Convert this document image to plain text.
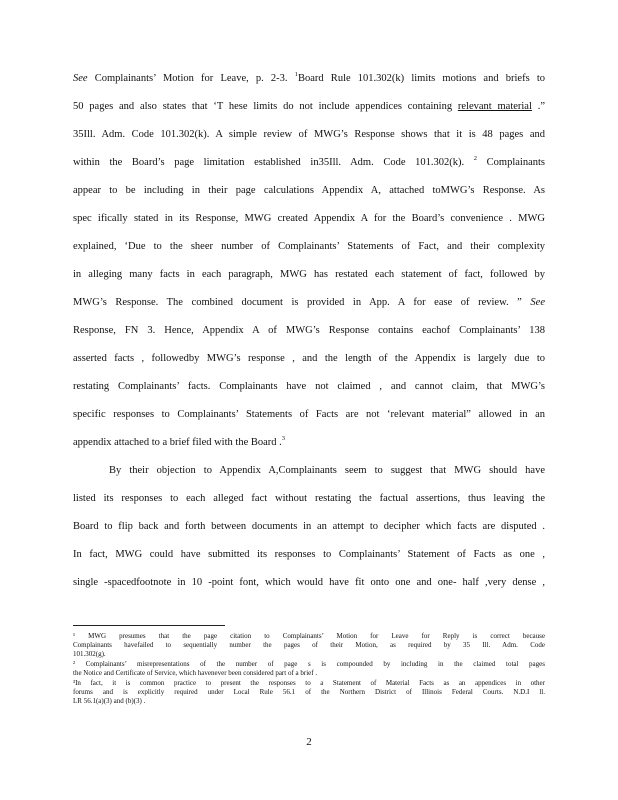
See Complainants’ Motion for Leave, p. 2-3. $^1$Board Rule 101.302(k) limits motions and briefs to
50 pages and also states that ‘T hese limits do not include appendices containing relevant material .”
35Ill. Adm. Code 101.302(k). A simple review of MWG’s Response shows that it is 48 pages and
within the Board’s page limitation established in35Ill. Adm. Code 101.302(k). $^2$ Complainants
appear to be including in their page calculations Appendix A, attached toMWG’s Response. As
spec ifically stated in its Response, MWG created Appendix A for the Board’s convenience . MWG
explained, ‘Due to the sheer number of Complainants’ Statements of Fact, and their complexity
in alleging many facts in each paragraph, MWG has restated each statement of fact, followed by
MWG’s Response. The combined document is provided in App. A for ease of review. ” See
Response, FN 3. Hence, Appendix A of MWG’s Response contains eachof Complainants’ 138
asserted facts , followedby MWG’s response , and the length of the Appendix is largely due to
restating Complainants’ facts. Complainants have not claimed , and cannot claim, that MWG’s
specific responses to Complainants’ Statements of Facts are not ‘relevant material” allowed in an
appendix attached to a brief filed with the Board .$^3$
By their objection to Appendix A,Complainants seem to suggest that MWG should have
listed its responses to each alleged fact without restating the factual assertions, thus leaving the
Board to flip back and forth between documents in an attempt to decipher which facts are disputed .
In fact, MWG could have submitted its responses to Complainants’ Statement of Facts as one ,
single -spacedfootnote in 10 -point font, which would have fit onto one and one- half ,very dense ,
¹ MWG presumes that the page citation to Complainants’ Motion for Leave for Reply is correct because
Complainants havefailed to sequentially number the pages of their Motion, as required by 35 Ill. Adm. Code
101.302(g).
² Complainants’ misrepresentations of the number of page s is compounded by including in the claimed total pages
the Notice and Certificate of Service, which havenever been considered part of a brief .
³In fact, it is common practice to present the responses to a Statement of Material Facts as an appendices in other
forums and is explicitly required under Local Rule 56.1 of the Northern District of Illinois Federal Courts. N.D.I ll.
LR 56.1(a)(3) and (b)(3) .
2
